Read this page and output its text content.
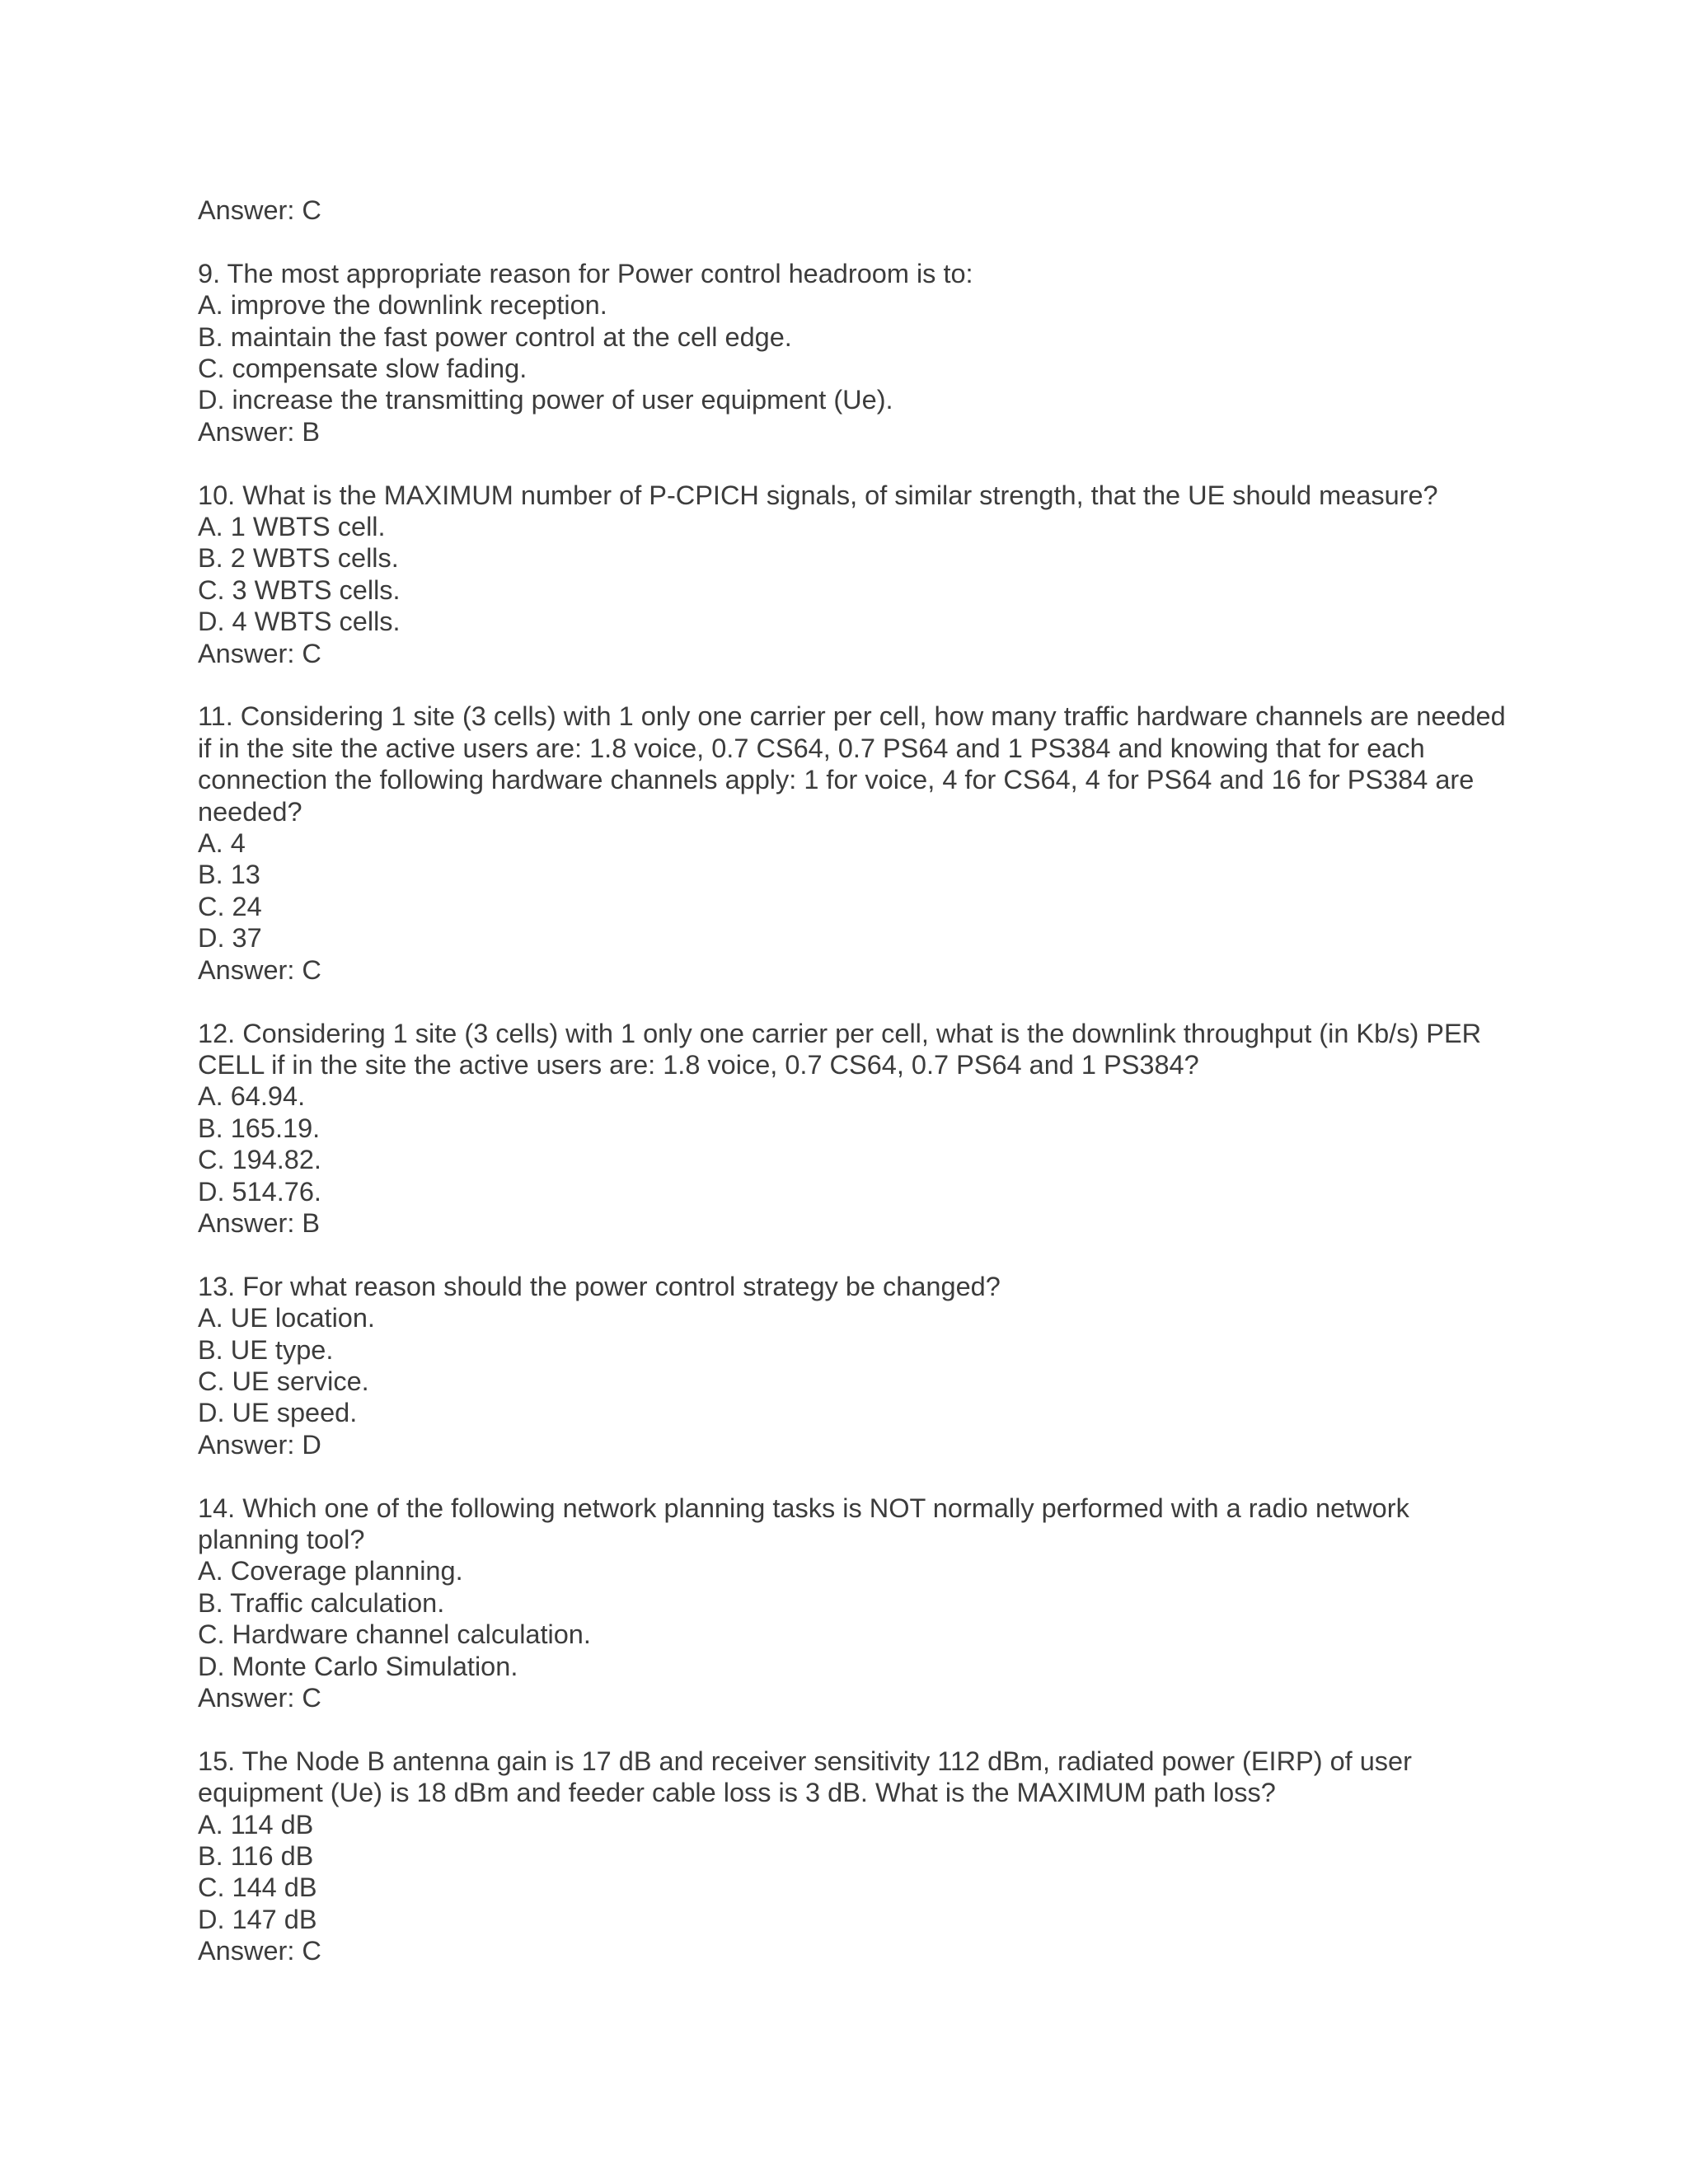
Answer: C
9. The most appropriate reason for Power control headroom is to:
A. improve the downlink reception.
B. maintain the fast power control at the cell edge.
C. compensate slow fading.
D. increase the transmitting power of user equipment (Ue).
Answer: B
10. What is the MAXIMUM number of P-CPICH signals, of similar strength, that the UE should measure?
A. 1 WBTS cell.
B. 2 WBTS cells.
C. 3 WBTS cells.
D. 4 WBTS cells.
Answer: C
11. Considering 1 site (3 cells) with 1 only one carrier per cell, how many traffic hardware channels are needed if in the site the active users are: 1.8 voice, 0.7 CS64, 0.7 PS64 and 1 PS384 and knowing that for each connection the following hardware channels apply: 1 for voice, 4 for CS64, 4 for PS64 and 16 for PS384 are needed?
A. 4
B. 13
C. 24
D. 37
Answer: C
12. Considering 1 site (3 cells) with 1 only one carrier per cell, what is the downlink throughput (in Kb/s) PER CELL if in the site the active users are: 1.8 voice, 0.7 CS64, 0.7 PS64 and 1 PS384?
A. 64.94.
B. 165.19.
C. 194.82.
D. 514.76.
Answer: B
13. For what reason should the power control strategy be changed?
A. UE location.
B. UE type.
C. UE service.
D. UE speed.
Answer: D
14. Which one of the following network planning tasks is NOT normally performed with a radio network planning tool?
A. Coverage planning.
B. Traffic calculation.
C. Hardware channel calculation.
D. Monte Carlo Simulation.
Answer: C
15. The Node B antenna gain is 17 dB and receiver sensitivity 112 dBm, radiated power (EIRP) of user equipment (Ue) is 18 dBm and feeder cable loss is 3 dB. What is the MAXIMUM path loss?
A. 114 dB
B. 116 dB
C. 144 dB
D. 147 dB
Answer: C
